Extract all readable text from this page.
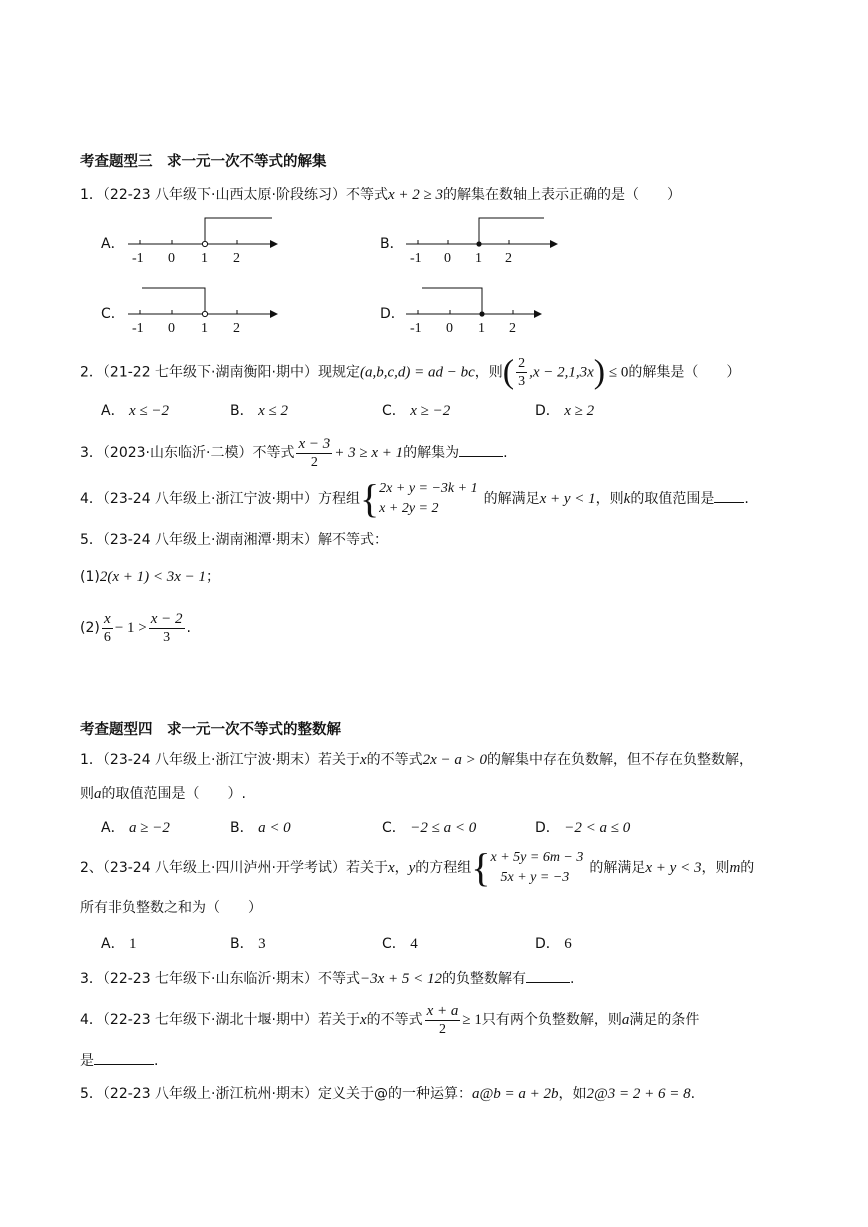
考查题型三　求一元一次不等式的解集
1．（22-23 八年级下·山西太原·阶段练习）不等式x + 2 ≥ 3的解集在数轴上表示正确的是（　　）
A．
-1 0 1 2
B．
-1 0 1 2
C．
-1 0 1 2
D．
-1 0 1 2
2．（21-22 七年级下·湖南衡阳·期中）现规定(a,b,c,d) = ad − bc，则( $\frac{2}{3} ,x - 2,1,3x) \le 0$的解集是（　　）
A． x ≤ −2	B． x ≤ 2	C． x ≥ −2	D． x ≥ 2
3．（2023·山东临沂·二模）不等式 $\frac{x - 3}{2} + 3 \ge x + 1$的解集为	.
4．（23-24 八年级上·浙江宁波·期中）方程组{ 2x + y = −3k + 1
x + 2y = 2
的解满足x + y < 1，则k的取值范围是 .
5．（23-24 八年级上·湖南湘潭·期末）解不等式：
(1)2(x + 1) < 3x − 1；
$(2) \frac{x}{6} - 1 > \frac{x - 2}{3}$ .
考查题型四　求一元一次不等式的整数解
1．（23-24 八年级上·浙江宁波·期末）若关于x的不等式2x − a > 0的解集中存在负数解，但不存在负整数解，
则a的取值范围是（　　）.
A． a ≥ −2	B． a < 0	C． −2 ≤ a < 0	D． −2 < a ≤ 0
2、（23-24 八年级上·四川泸州·开学考试）若关于x，y的方程组{ x + 5y = 6m − 3
5x + y = −3
的解满足x + y < 3，则m的
所有非负整数之和为（　　）
A． 1	B． 3	C． 4	D． 6
3．（22-23 七年级下·山东临沂·期末）不等式−3x + 5 < 12的负整数解有	.
4．（22-23 七年级下·湖北十堰·期中）若关于x的不等式 $\frac{x + a}{2} \ge 1$只有两个负整数解，则a满足的条件
是	.
5．（22-23 八年级上·浙江杭州·期末）定义关于@的一种运算：a@b = a + 2b，如2@3 = 2 + 6 = 8.
